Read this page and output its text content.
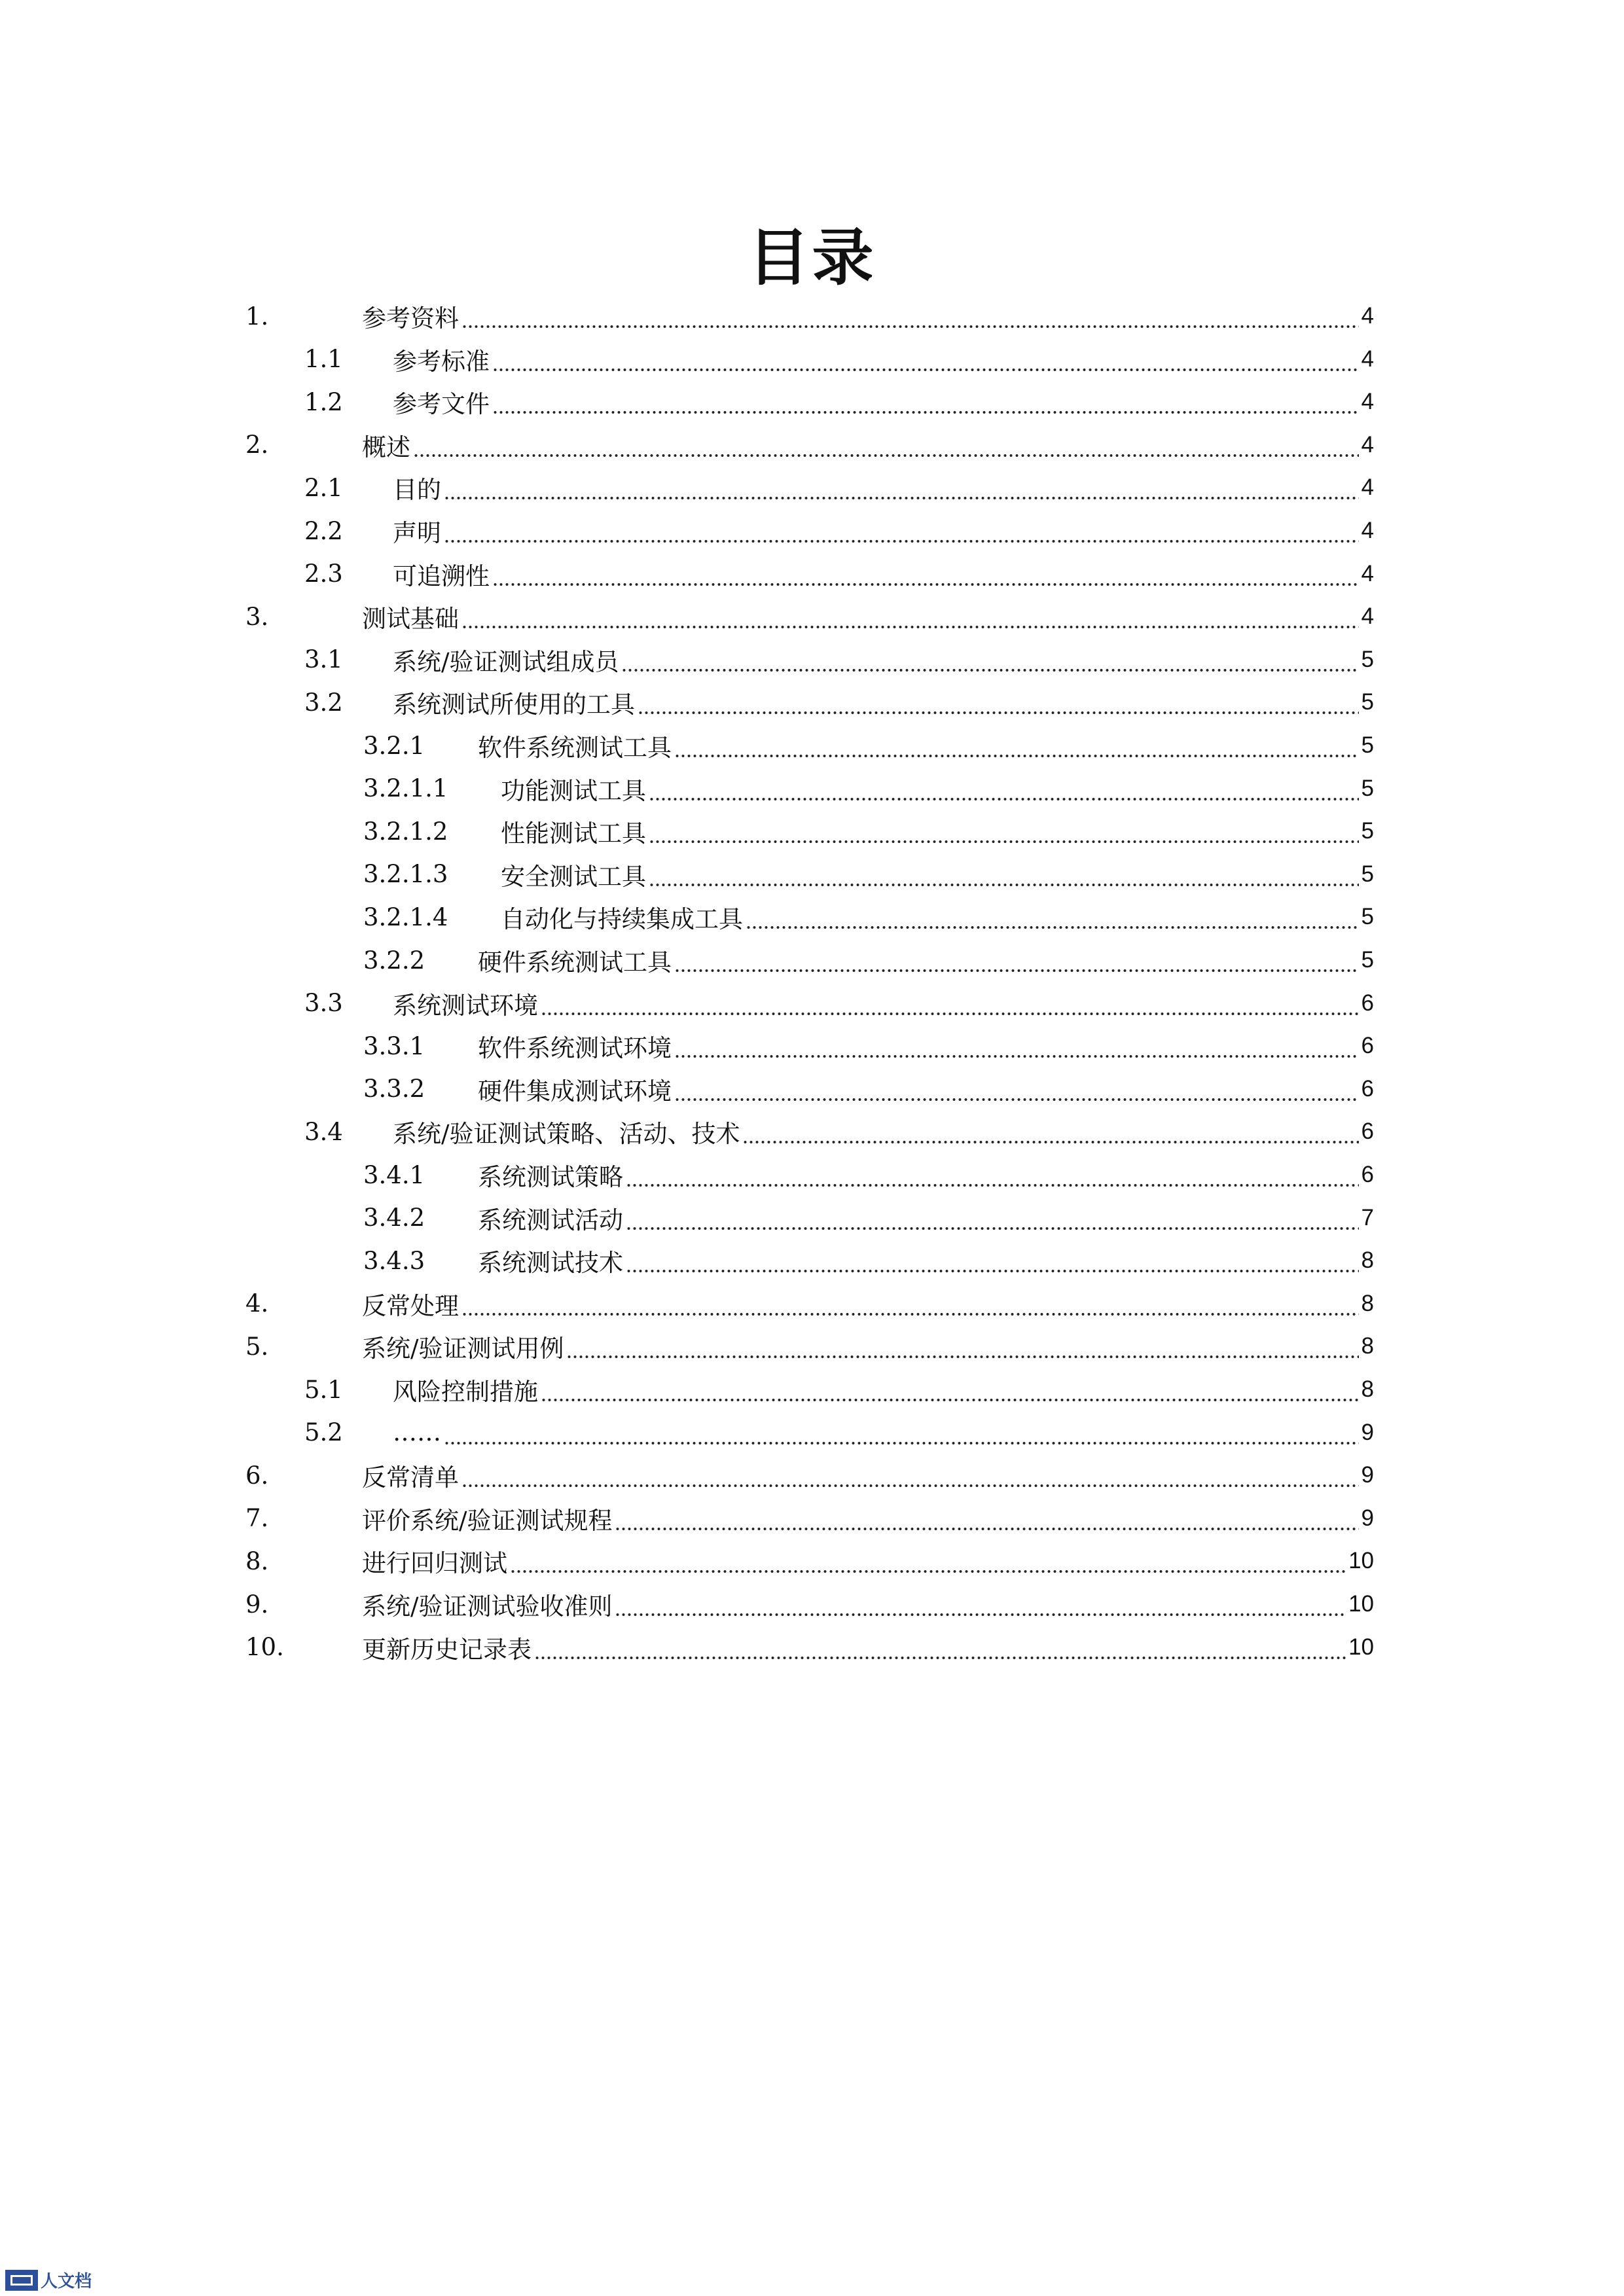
目录
1.	参考资料	4
1.1	参考标准	4
1.2	参考文件	4
2.	概述	4
2.1	目的	4
2.2	声明	4
2.3	可追溯性	4
3.	测试基础	4
3.1	系统/验证测试组成员	5
3.2	系统测试所使用的工具	5
3.2.1	软件系统测试工具	5
3.2.1.1	功能测试工具	5
3.2.1.2	性能测试工具	5
3.2.1.3	安全测试工具	5
3.2.1.4	自动化与持续集成工具	5
3.2.2	硬件系统测试工具	5
3.3	系统测试环境	6
3.3.1	软件系统测试环境	6
3.3.2	硬件集成测试环境	6
3.4	系统/验证测试策略、活动、技术	6
3.4.1	系统测试策略	6
3.4.2	系统测试活动	7
3.4.3	系统测试技术	8
4.	反常处理	8
5.	系统/验证测试用例	8
5.1	风险控制措施	8
5.2	……	9
6.	反常清单	9
7.	评价系统/验证测试规程	9
8.	进行回归测试	10
9.	系统/验证测试验收准则	10
10.	更新历史记录表	10
人文档
